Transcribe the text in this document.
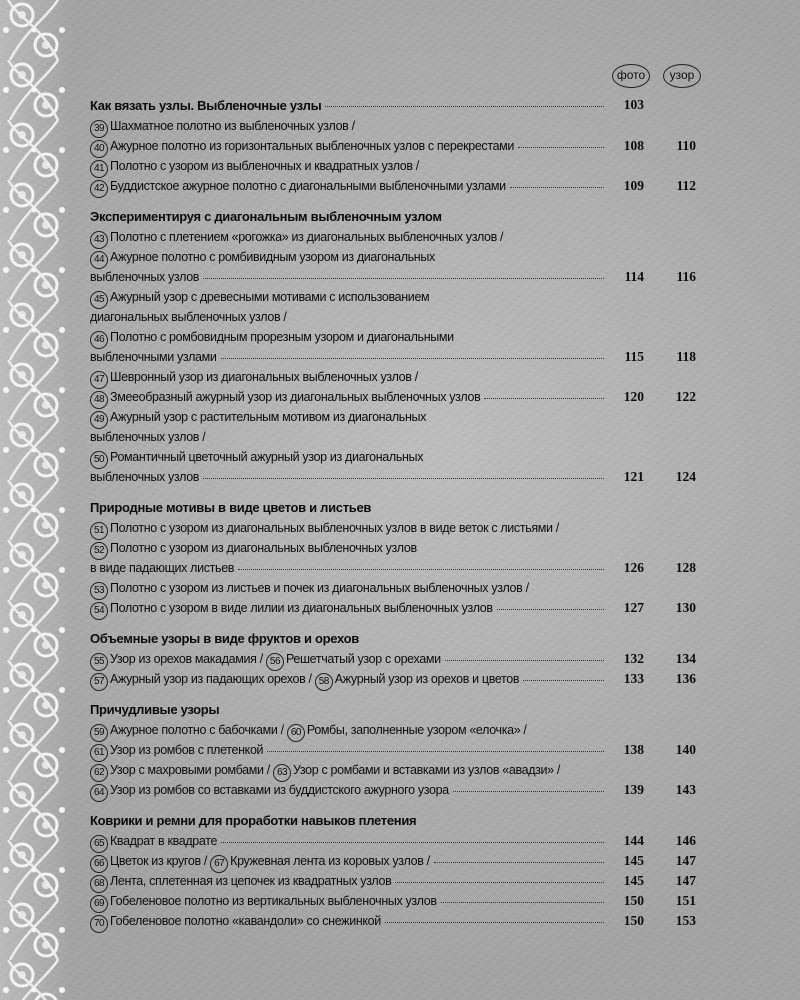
фото	узор
Как вязать узлы. Выбленочные узлы	103
39 Шахматное полотно из выбленочных узлов /
40 Ажурное полотно из горизонтальных выбленочных узлов с перекрестами	108	110
41 Полотно с узором из выбленочных и квадратных узлов /
42 Буддистское ажурное полотно с диагональными выбленочными узлами	109	112
Экспериментируя с диагональным выбленочным узлом
43 Полотно с плетением «рогожка» из диагональных выбленочных узлов /
44 Ажурное полотно с ромбивидным узором из диагональных
выбленочных узлов	114	116
45 Ажурный узор с древесными мотивами с использованием
диагональных выбленочных узлов /
46 Полотно с ромбовидным прорезным узором и диагональными
выбленочными узлами	115	118
47 Шевронный узор из диагональных выбленочных узлов /
48 Змееобразный ажурный узор из диагональных выбленочных узлов	120	122
49 Ажурный узор с растительным мотивом из диагональных
выбленочных узлов /
50 Романтичный цветочный ажурный узор из диагональных
выбленочных узлов	121	124
Природные мотивы в виде цветов и листьев
51 Полотно с узором из диагональных выбленочных узлов в виде веток с листьями /
52 Полотно с узором из диагональных выбленочных узлов
в виде падающих листьев	126	128
53 Полотно с узором из листьев и почек из диагональных выбленочных узлов /
54 Полотно с узором в виде лилии из диагональных выбленочных узлов	127	130
Объемные узоры в виде фруктов и орехов
55 Узор из орехов макадамия / 56 Решетчатый узор с орехами	132	134
57 Ажурный узор из падающих орехов / 58 Ажурный узор из орехов и цветов	133	136
Причудливые узоры
59 Ажурное полотно с бабочками / 60 Ромбы, заполненные узором «елочка» /
61 Узор из ромбов с плетенкой	138	140
62 Узор с махровыми ромбами / 63 Узор с ромбами и вставками из узлов «авадзи» /
64 Узор из ромбов со вставками из буддистского ажурного узора	139	143
Коврики и ремни для проработки навыков плетения
65 Квадрат в квадрате	144	146
66 Цветок из кругов / 67 Кружевная лента из коровых узлов /	145	147
68 Лента, сплетенная из цепочек из квадратных узлов	145	147
69 Гобеленовое полотно из вертикальных выбленочных узлов	150	151
70 Гобеленовое полотно «кавандоли» со снежинкой	150	153
